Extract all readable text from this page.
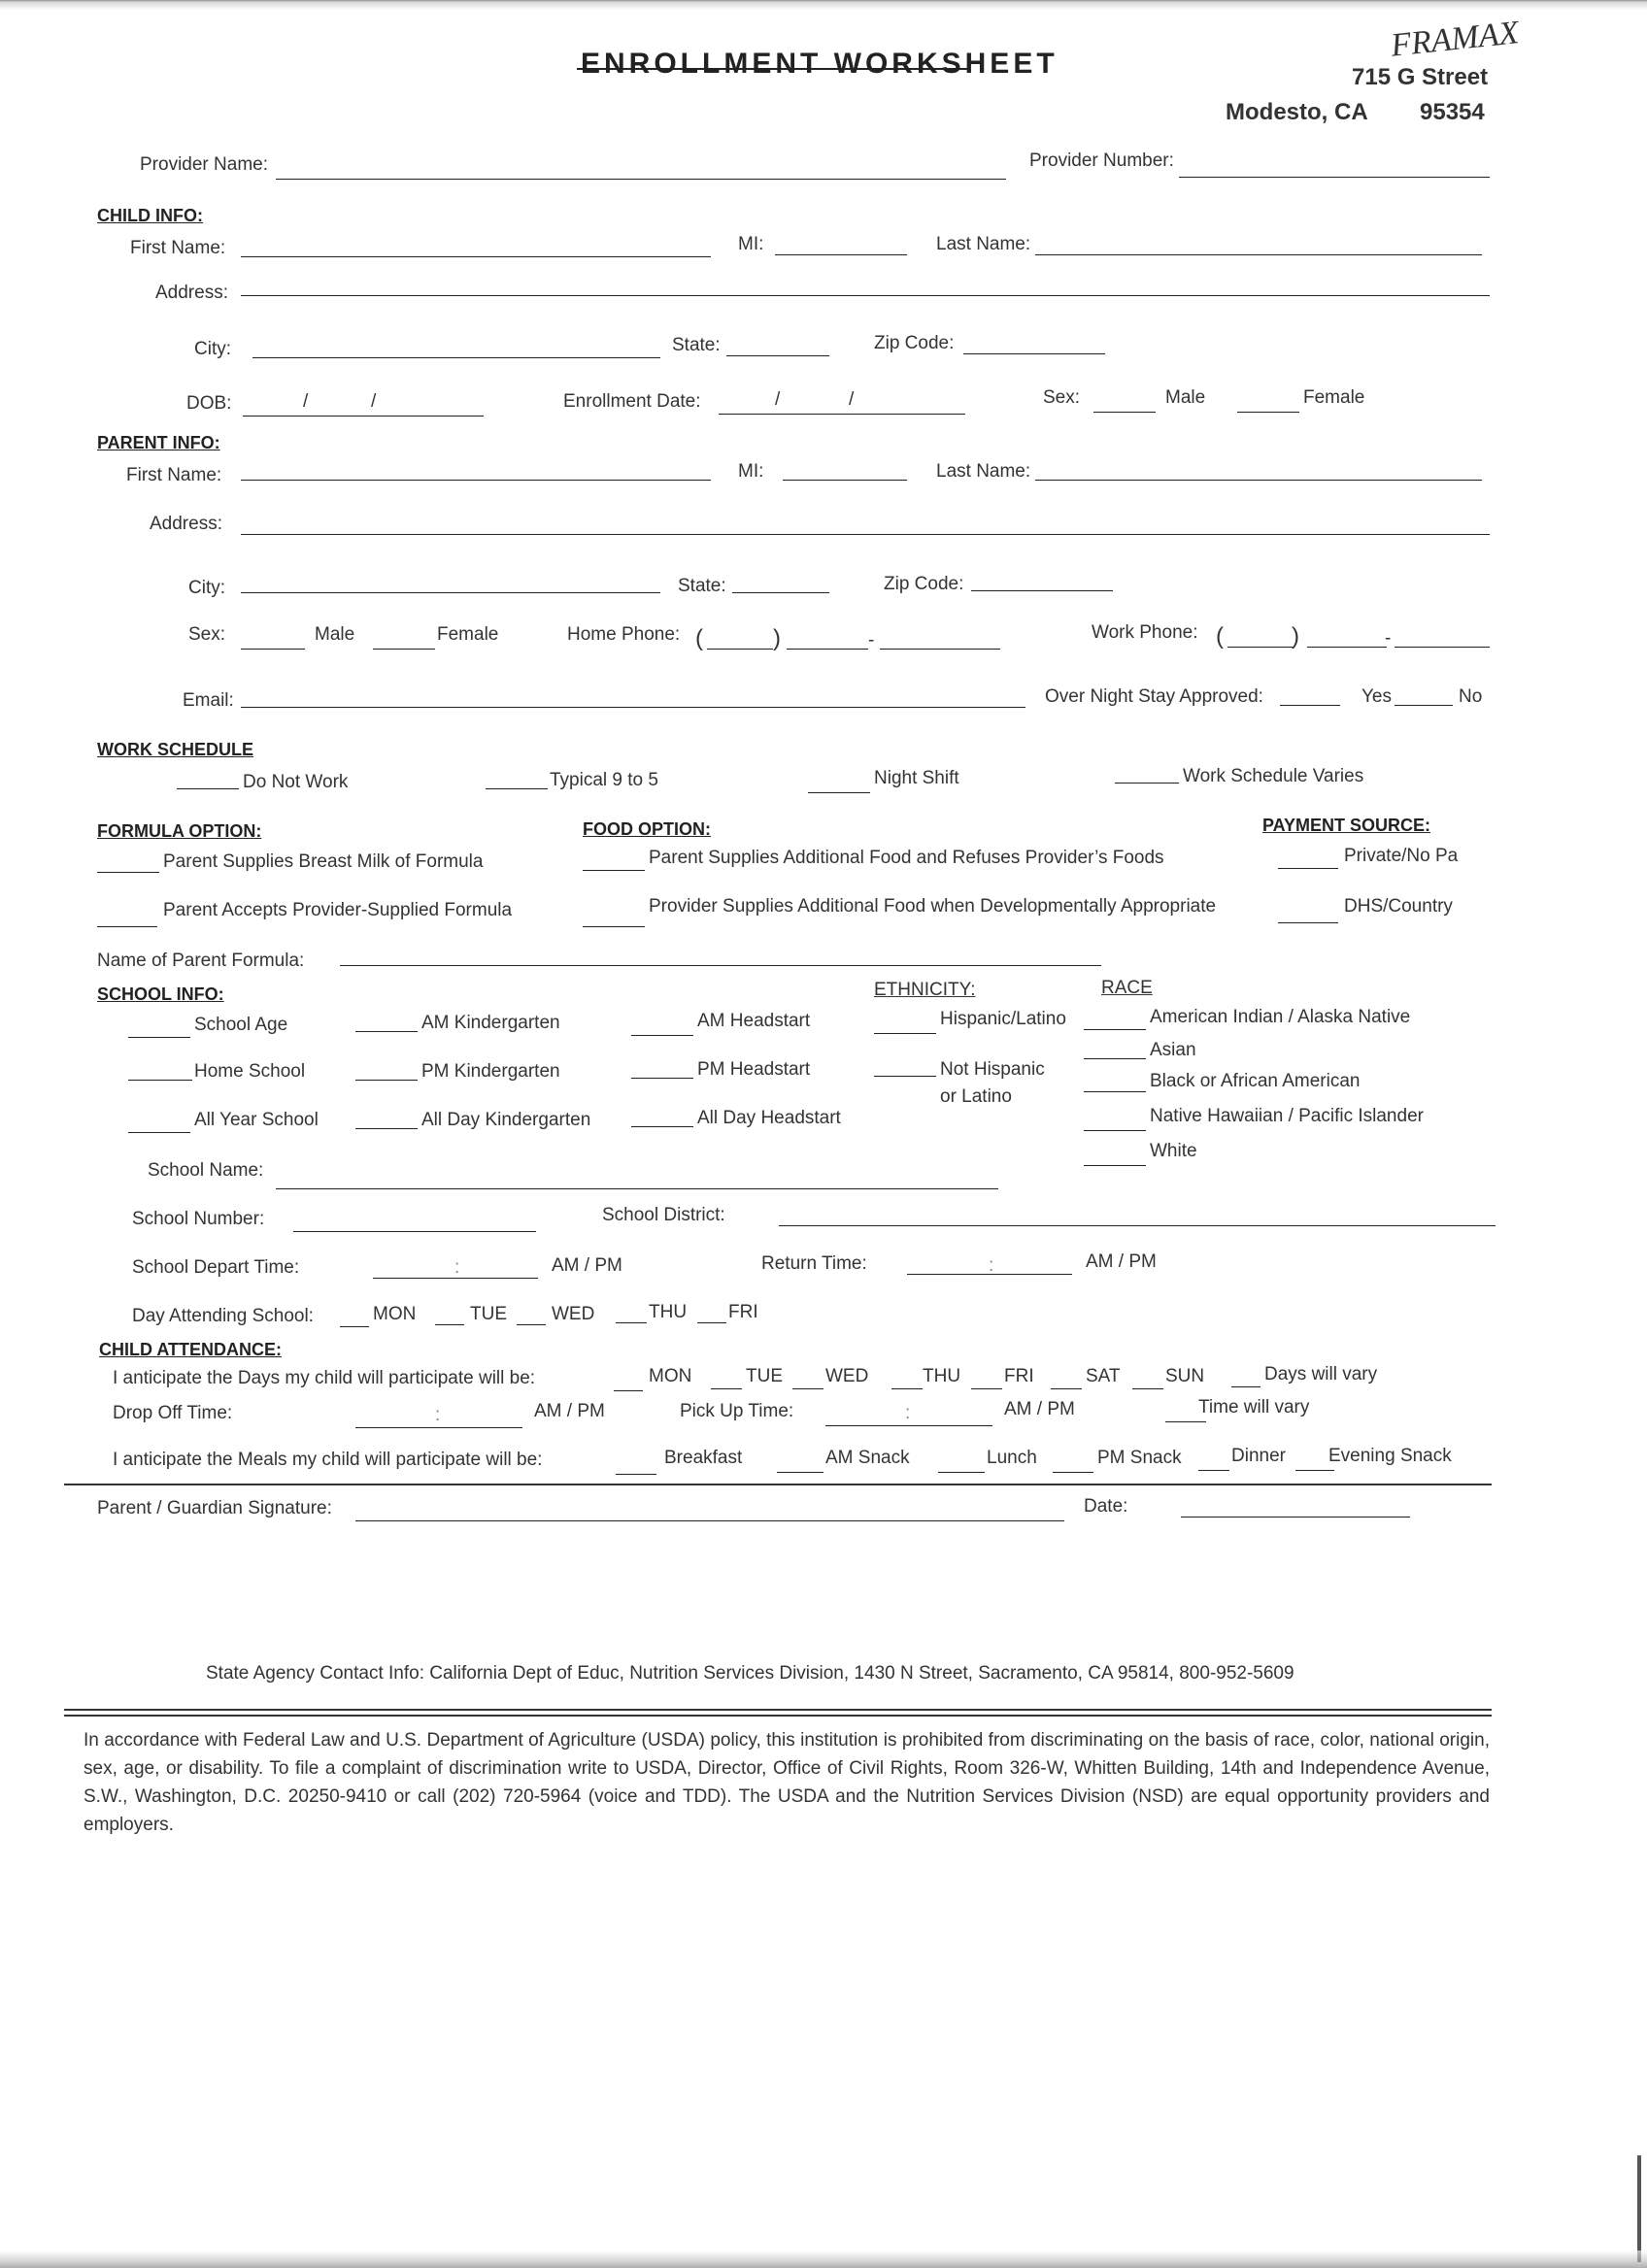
ENROLLMENT WORKSHEET	FRAMAX
715 G Street
Modesto, CA 95354
Provider Name:	Provider Number:
CHILD INFO:
First Name:	MI:	Last Name:
Address:
City:	State:	Zip Code:
DOB:	/	/	Enrollment Date:	/	/	Sex:	Male	Female
PARENT INFO:
First Name:	MI:	Last Name:
Address:
City:	State:	Zip Code:
Sex:	Male	Female	Home Phone: (	)	-	Work Phone: (	)	-
Email:	Over Night Stay Approved:	Yes	No
WORK SCHEDULE
Do Not Work	Typical 9 to 5	Night Shift	Work Schedule Varies
FORMULA OPTION:	FOOD OPTION:	PAYMENT SOURCE:
Parent Supplies Breast Milk of Formula	Parent Supplies Additional Food and Refuses Provider’s Foods	Private/No Pa
Parent Accepts Provider-Supplied Formula	Provider Supplies Additional Food when Developmentally Appropriate	DHS/Country
Name of Parent Formula:
SCHOOL INFO:	ETHNICITY:	RACE
School Age	AM Kindergarten	AM Headstart	Hispanic/Latino	American Indian / Alaska Native
Asian
Home School	PM Kindergarten	PM Headstart	Not Hispanic
or Latino
Black or African American
All Year School	All Day Kindergarten	All Day Headstart	Native Hawaiian / Pacific Islander
White
School Name:
School Number:	School District:
School Depart Time:	:	AM / PM	Return Time:	:	AM / PM
Day Attending School:	MON	TUE WED	THU FRI
CHILD ATTENDANCE:
I anticipate the Days my child will participate will be:	MON	TUE WED	THU FRI	SAT SUN	Days will vary
Drop Off Time:	:	AM / PM	Pick Up Time:	:	AM / PM	Time will vary
I anticipate the Meals my child will participate will be:	Breakfast	AM Snack	Lunch	PM Snack	Dinner Evening Snack
Parent / Guardian Signature:	Date:
State Agency Contact Info: California Dept of Educ, Nutrition Services Division, 1430 N Street, Sacramento, CA 95814, 800-952-5609
In accordance with Federal Law and U.S. Department of Agriculture (USDA) policy, this institution is prohibited from discriminating on the basis of race, color, national origin, sex, age, or disability. To file a complaint of discrimination write to USDA, Director, Office of Civil Rights, Room 326-W, Whitten Building, 14th and Independence Avenue, S.W., Washington, D.C. 20250-9410 or call (202) 720-5964 (voice and TDD). The USDA and the Nutrition Services Division (NSD) are equal opportunity providers and employers.
